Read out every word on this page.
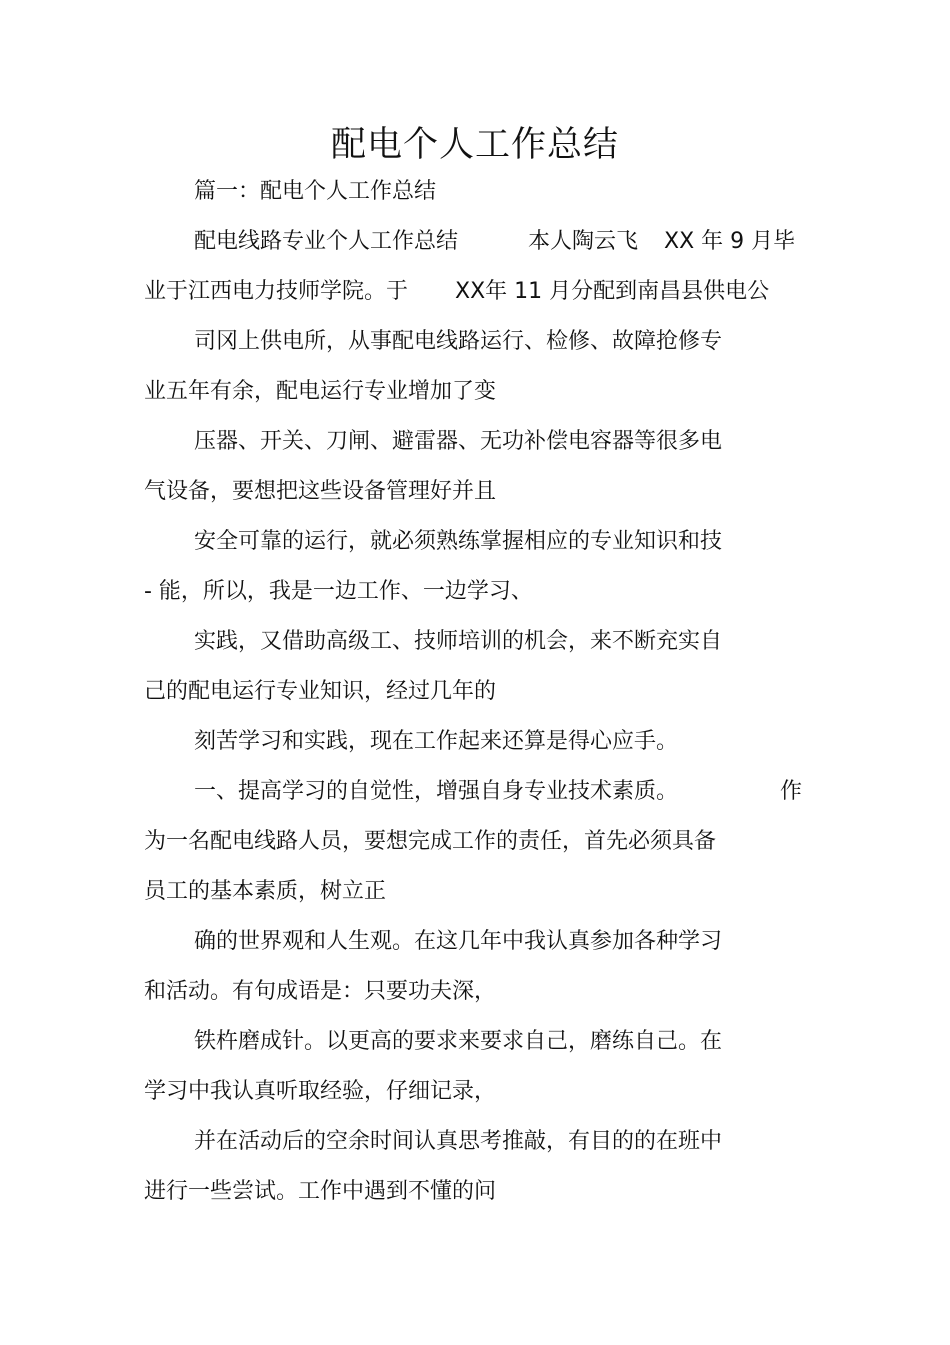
配电个人工作总结
篇一：配电个人工作总结
配电线路专业个人工作总结	本人陶云飞 XX 年 9 月毕
业于江西电力技师学院。于 XX年 11 月分配到南昌县供电公
司冈上供电所，从事配电线路运行、检修、故障抢修专
业五年有余，配电运行专业增加了变
压器、开关、刀闸、避雷器、无功补偿电容器等很多电
气设备，要想把这些设备管理好并且
安全可靠的运行，就必须熟练掌握相应的专业知识和技
- 能，所以，我是一边工作、一边学习、
实践，又借助高级工、技师培训的机会，来不断充实自
己的配电运行专业知识，经过几年的
刻苦学习和实践，现在工作起来还算是得心应手。
一、提高学习的自觉性，增强自身专业技术素质。	作
为一名配电线路人员，要想完成工作的责任，首先必须具备
员工的基本素质，树立正
确的世界观和人生观。在这几年中我认真参加各种学习
和活动。有句成语是：只要功夫深，
铁杵磨成针。以更高的要求来要求自己，磨练自己。在
学习中我认真听取经验，仔细记录，
并在活动后的空余时间认真思考推敲，有目的的在班中
进行一些尝试。工作中遇到不懂的问
